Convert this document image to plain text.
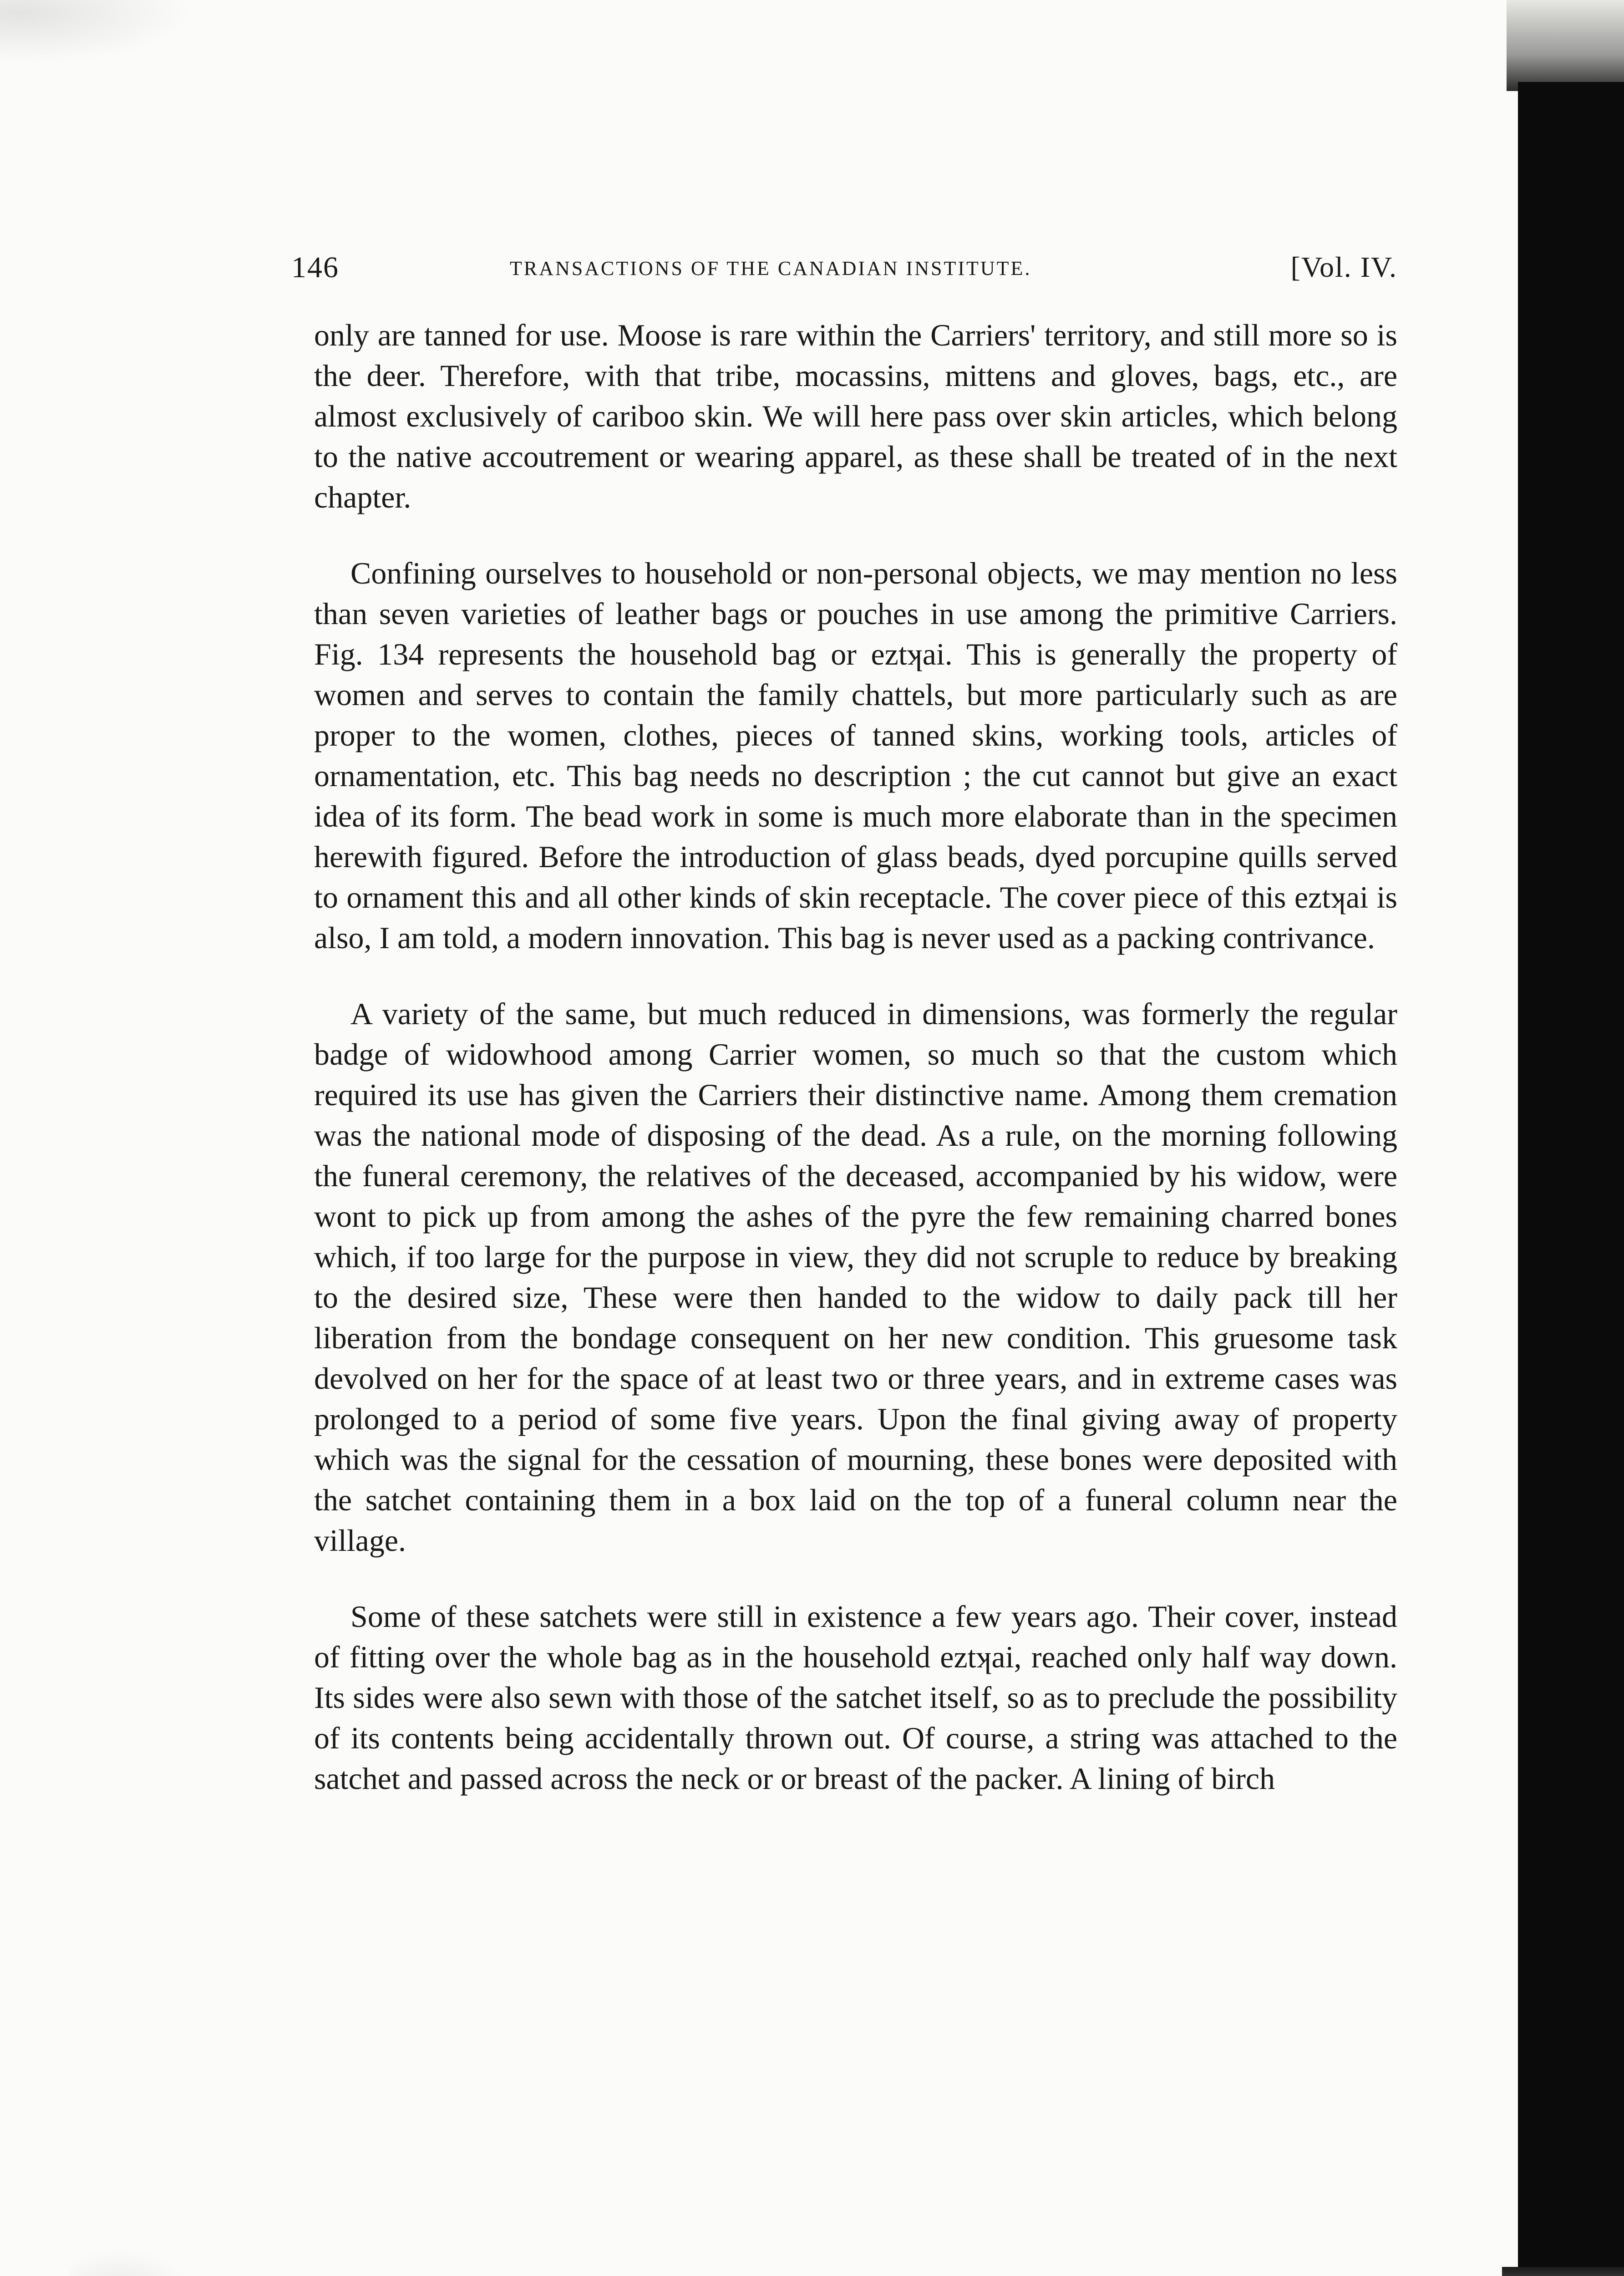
146	TRANSACTIONS OF THE CANADIAN INSTITUTE.	[Vol. IV.

only are tanned for use. Moose is rare within the Carriers' territory, and still more so is the deer. Therefore, with that tribe, mocassins, mittens and gloves, bags, etc., are almost exclusively of cariboo skin. We will here pass over skin articles, which belong to the native accoutrement or wearing apparel, as these shall be treated of in the next chapter.

Confining ourselves to household or non-personal objects, we may mention no less than seven varieties of leather bags or pouches in use among the primitive Carriers. Fig. 134 represents the household bag or eztʞai. This is generally the property of women and serves to contain the family chattels, but more particularly such as are proper to the women, clothes, pieces of tanned skins, working tools, articles of ornamentation, etc. This bag needs no description ; the cut cannot but give an exact idea of its form. The bead work in some is much more elaborate than in the specimen herewith figured. Before the introduction of glass beads, dyed porcupine quills served to ornament this and all other kinds of skin receptacle. The cover piece of this eztʞai is also, I am told, a modern innovation. This bag is never used as a packing contrivance.

A variety of the same, but much reduced in dimensions, was formerly the regular badge of widowhood among Carrier women, so much so that the custom which required its use has given the Carriers their distinctive name. Among them cremation was the national mode of disposing of the dead. As a rule, on the morning following the funeral ceremony, the relatives of the deceased, accompanied by his widow, were wont to pick up from among the ashes of the pyre the few remaining charred bones which, if too large for the purpose in view, they did not scruple to reduce by breaking to the desired size, These were then handed to the widow to daily pack till her liberation from the bondage consequent on her new condition. This gruesome task devolved on her for the space of at least two or three years, and in extreme cases was prolonged to a period of some five years. Upon the final giving away of property which was the signal for the cessation of mourning, these bones were deposited with the satchet containing them in a box laid on the top of a funeral column near the village.

Some of these satchets were still in existence a few years ago. Their cover, instead of fitting over the whole bag as in the household eztʞai, reached only half way down. Its sides were also sewn with those of the satchet itself, so as to preclude the possibility of its contents being accidentally thrown out. Of course, a string was attached to the satchet and passed across the neck or or breast of the packer. A lining of birch
